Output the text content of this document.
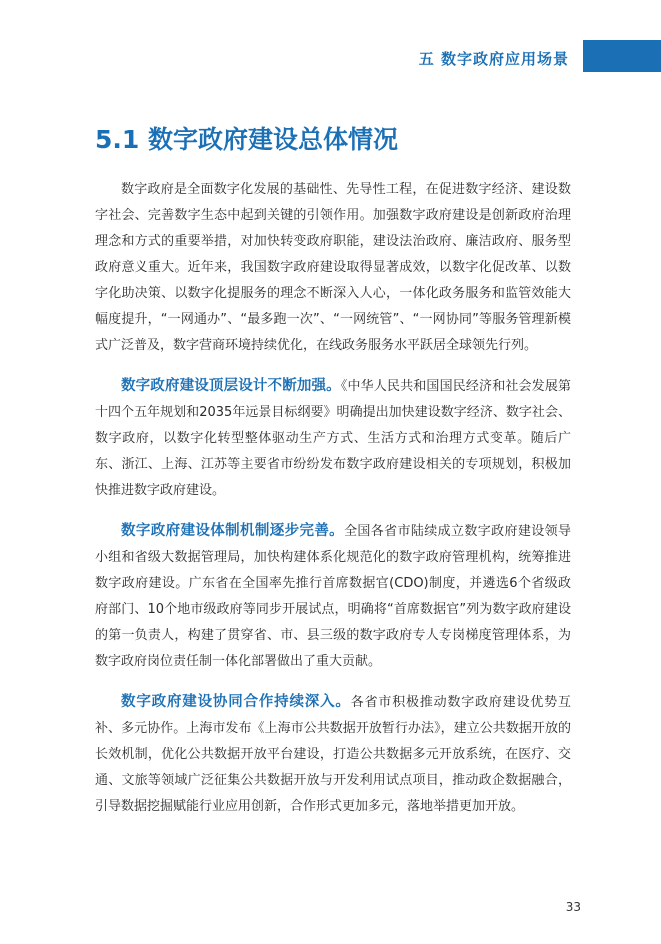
五 数字政府应用场景
5.1 数字政府建设总体情况

数字政府是全面数字化发展的基础性、先导性工程，在促进数字经济、建设数字社会、完善数字生态中起到关键的引领作用。加强数字政府建设是创新政府治理理念和方式的重要举措，对加快转变政府职能，建设法治政府、廉洁政府、服务型政府意义重大。近年来，我国数字政府建设取得显著成效，以数字化促改革、以数字化助决策、以数字化提服务的理念不断深入人心，一体化政务服务和监管效能大幅度提升，“一网通办”、“最多跑一次”、“一网统管”、“一网协同”等服务管理新模式广泛普及，数字营商环境持续优化，在线政务服务水平跃居全球领先行列。

数字政府建设顶层设计不断加强。《中华人民共和国国民经济和社会发展第十四个五年规划和2035年远景目标纲要》明确提出加快建设数字经济、数字社会、数字政府，以数字化转型整体驱动生产方式、生活方式和治理方式变革。随后广东、浙江、上海、江苏等主要省市纷纷发布数字政府建设相关的专项规划，积极加快推进数字政府建设。

数字政府建设体制机制逐步完善。全国各省市陆续成立数字政府建设领导小组和省级大数据管理局，加快构建体系化规范化的数字政府管理机构，统筹推进数字政府建设。广东省在全国率先推行首席数据官(CDO)制度，并遴选6个省级政府部门、10个地市级政府等同步开展试点，明确将“首席数据官”列为数字政府建设的第一负责人，构建了贯穿省、市、县三级的数字政府专人专岗梯度管理体系，为数字政府岗位责任制一体化部署做出了重大贡献。

数字政府建设协同合作持续深入。各省市积极推动数字政府建设优势互补、多元协作。上海市发布《上海市公共数据开放暂行办法》，建立公共数据开放的长效机制，优化公共数据开放平台建设，打造公共数据多元开放系统，在医疗、交通、文旅等领域广泛征集公共数据开放与开发利用试点项目，推动政企数据融合，引导数据挖掘赋能行业应用创新，合作形式更加多元，落地举措更加开放。

33
